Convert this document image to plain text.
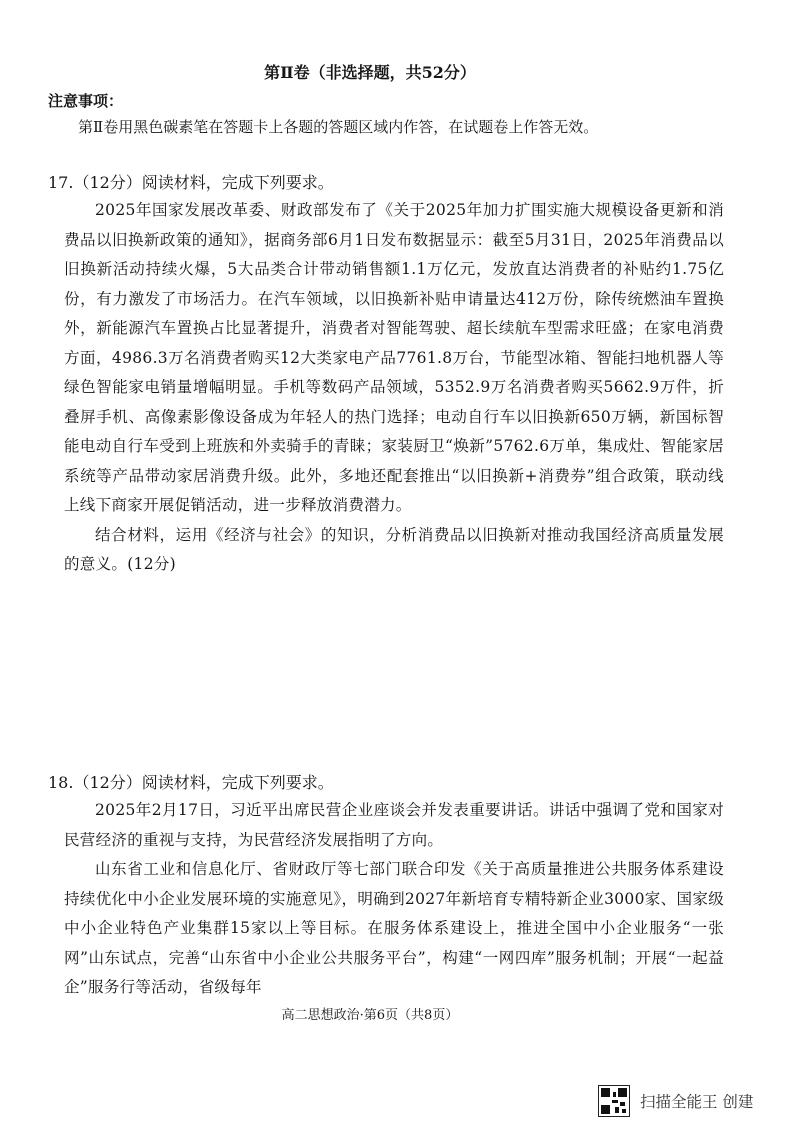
第Ⅱ卷（非选择题，共52分）
注意事项：
第Ⅱ卷用黑色碳素笔在答题卡上各题的答题区域内作答，在试题卷上作答无效。
17.（12分）阅读材料，完成下列要求。

2025年国家发展改革委、财政部发布了《关于2025年加力扩围实施大规模设备更新和消费品以旧换新政策的通知》，据商务部6月1日发布数据显示：截至5月31日，2025年消费品以旧换新活动持续火爆，5大品类合计带动销售额1.1万亿元，发放直达消费者的补贴约1.75亿份，有力激发了市场活力。在汽车领域，以旧换新补贴申请量达412万份，除传统燃油车置换外，新能源汽车置换占比显著提升，消费者对智能驾驶、超长续航车型需求旺盛；在家电消费方面，4986.3万名消费者购买12大类家电产品7761.8万台，节能型冰箱、智能扫地机器人等绿色智能家电销量增幅明显。手机等数码产品领域，5352.9万名消费者购买5662.9万件，折叠屏手机、高像素影像设备成为年轻人的热门选择；电动自行车以旧换新650万辆，新国标智能电动自行车受到上班族和外卖骑手的青睐；家装厨卫“焕新”5762.6万单，集成灶、智能家居系统等产品带动家居消费升级。此外，多地还配套推出“以旧换新+消费券”组合政策，联动线上线下商家开展促销活动，进一步释放消费潜力。

结合材料，运用《经济与社会》的知识，分析消费品以旧换新对推动我国经济高质量发展的意义。(12分)

18.（12分）阅读材料，完成下列要求。

2025年2月17日，习近平出席民营企业座谈会并发表重要讲话。讲话中强调了党和国家对民营经济的重视与支持，为民营经济发展指明了方向。

山东省工业和信息化厅、省财政厅等七部门联合印发《关于高质量推进公共服务体系建设持续优化中小企业发展环境的实施意见》，明确到2027年新培育专精特新企业3000家、国家级中小企业特色产业集群15家以上等目标。在服务体系建设上，推进全国中小企业服务“一张网”山东试点，完善“山东省中小企业公共服务平台”，构建“一网四库”服务机制；开展“一起益企”服务行等活动，省级每年

高二思想政治·第6页（共8页）
扫描全能王 创建
